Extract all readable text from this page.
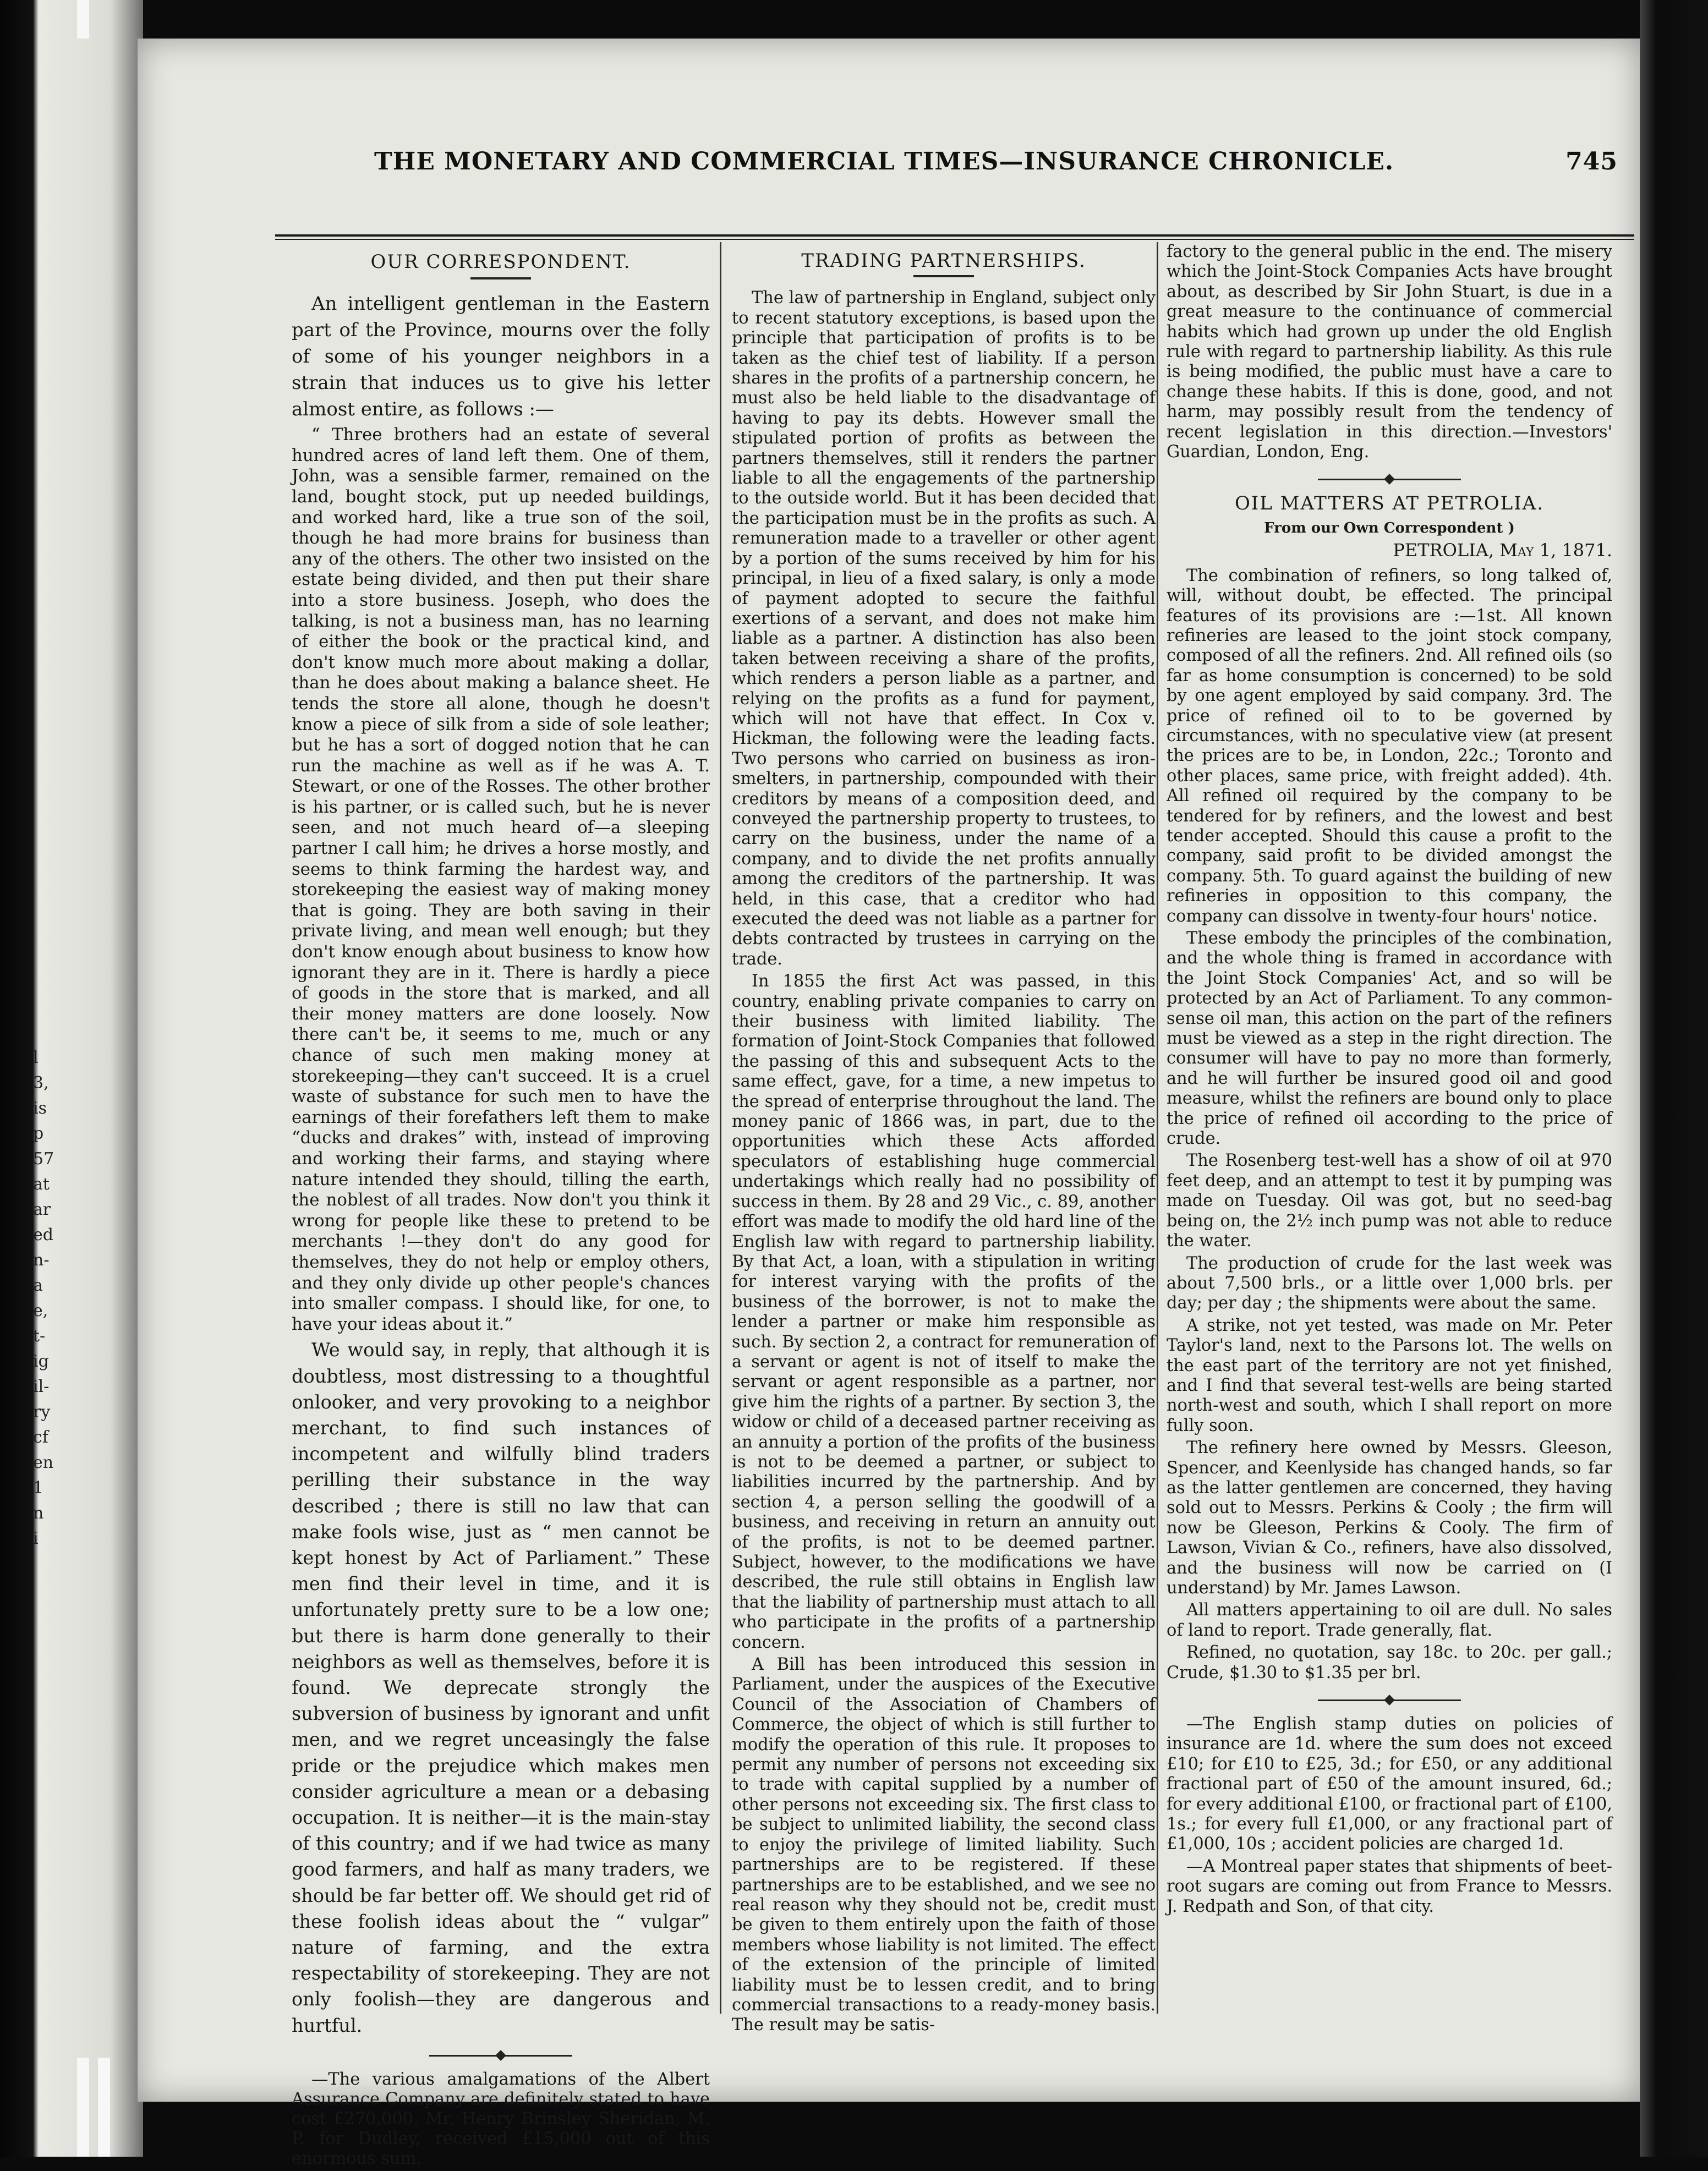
l
3,
is
p
57
at
ar
ed
n-
a
e,
t-
ig
il-
ry
cf
en
1
n
i
THE MONETARY AND COMMERCIAL TIMES—INSURANCE CHRONICLE.	745
OUR CORRESPONDENT.

An intelligent gentleman in the Eastern part of the Province, mourns over the folly of some of his younger neighbors in a strain that induces us to give his letter almost entire, as follows :—

“ Three brothers had an estate of several hundred acres of land left them. One of them, John, was a sensible farmer, remained on the land, bought stock, put up needed buildings, and worked hard, like a true son of the soil, though he had more brains for business than any of the others. The other two insisted on the estate being divided, and then put their share into a store business. Joseph, who does the talking, is not a business man, has no learning of either the book or the practical kind, and don't know much more about making a dollar, than he does about making a balance sheet. He tends the store all alone, though he doesn't know a piece of silk from a side of sole leather; but he has a sort of dogged notion that he can run the machine as well as if he was A. T. Stewart, or one of the Rosses. The other brother is his partner, or is called such, but he is never seen, and not much heard of—a sleeping partner I call him; he drives a horse mostly, and seems to think farming the hardest way, and storekeeping the easiest way of making money that is going. They are both saving in their private living, and mean well enough; but they don't know enough about business to know how ignorant they are in it. There is hardly a piece of goods in the store that is marked, and all their money matters are done loosely. Now there can't be, it seems to me, much or any chance of such men making money at storekeeping—they can't succeed. It is a cruel waste of substance for such men to have the earnings of their forefathers left them to make “ducks and drakes” with, instead of improving and working their farms, and staying where nature intended they should, tilling the earth, the noblest of all trades. Now don't you think it wrong for people like these to pretend to be merchants !—they don't do any good for themselves, they do not help or employ others, and they only divide up other people's chances into smaller compass. I should like, for one, to have your ideas about it.”

We would say, in reply, that although it is doubtless, most distressing to a thoughtful onlooker, and very provoking to a neighbor merchant, to find such instances of incompetent and wilfully blind traders perilling their substance in the way described ; there is still no law that can make fools wise, just as “ men cannot be kept honest by Act of Parliament.” These men find their level in time, and it is unfortunately pretty sure to be a low one; but there is harm done generally to their neighbors as well as themselves, before it is found. We deprecate strongly the subversion of business by ignorant and unfit men, and we regret unceasingly the false pride or the prejudice which makes men consider agriculture a mean or a debasing occupation. It is neither—it is the main-stay of this country; and if we had twice as many good farmers, and half as many traders, we should be far better off. We should get rid of these foolish ideas about the “ vulgar” nature of farming, and the extra respectability of storekeeping. They are not only foolish—they are dangerous and hurtful.

—The various amalgamations of the Albert Assurance Company are definitely stated to have cost £270,000. Mr. Henry Brinsley Sheridan, M. P. for Dudley, received £15,000 out of this enormous sum.

TRADING PARTNERSHIPS.

The law of partnership in England, subject only to recent statutory exceptions, is based upon the principle that participation of profits is to be taken as the chief test of liability. If a person shares in the profits of a partnership concern, he must also be held liable to the disadvantage of having to pay its debts. However small the stipulated portion of profits as between the partners themselves, still it renders the partner liable to all the engagements of the partnership to the outside world. But it has been decided that the participation must be in the profits as such. A remuneration made to a traveller or other agent by a portion of the sums received by him for his principal, in lieu of a fixed salary, is only a mode of payment adopted to secure the faithful exertions of a servant, and does not make him liable as a partner. A distinction has also been taken between receiving a share of the profits, which renders a person liable as a partner, and relying on the profits as a fund for payment, which will not have that effect. In Cox v. Hickman, the following were the leading facts. Two persons who carried on business as iron-smelters, in partnership, compounded with their creditors by means of a composition deed, and conveyed the partnership property to trustees, to carry on the business, under the name of a company, and to divide the net profits annually among the creditors of the partnership. It was held, in this case, that a creditor who had executed the deed was not liable as a partner for debts contracted by trustees in carrying on the trade.

In 1855 the first Act was passed, in this country, enabling private companies to carry on their business with limited liability. The formation of Joint-Stock Companies that followed the passing of this and subsequent Acts to the same effect, gave, for a time, a new impetus to the spread of enterprise throughout the land. The money panic of 1866 was, in part, due to the opportunities which these Acts afforded speculators of establishing huge commercial undertakings which really had no possibility of success in them. By 28 and 29 Vic., c. 89, another effort was made to modify the old hard line of the English law with regard to partnership liability. By that Act, a loan, with a stipulation in writing for interest varying with the profits of the business of the borrower, is not to make the lender a partner or make him responsible as such. By section 2, a contract for remuneration of a servant or agent is not of itself to make the servant or agent responsible as a partner, nor give him the rights of a partner. By section 3, the widow or child of a deceased partner receiving as an annuity a portion of the profits of the business is not to be deemed a partner, or subject to liabilities incurred by the partnership. And by section 4, a person selling the goodwill of a business, and receiving in return an annuity out of the profits, is not to be deemed partner. Subject, however, to the modifications we have described, the rule still obtains in English law that the liability of partnership must attach to all who participate in the profits of a partnership concern.

A Bill has been introduced this session in Parliament, under the auspices of the Executive Council of the Association of Chambers of Commerce, the object of which is still further to modify the operation of this rule. It proposes to permit any number of persons not exceeding six to trade with capital supplied by a number of other persons not exceeding six. The first class to be subject to unlimited liability, the second class to enjoy the privilege of limited liability. Such partnerships are to be registered. If these partnerships are to be established, and we see no real reason why they should not be, credit must be given to them entirely upon the faith of those members whose liability is not limited. The effect of the extension of the principle of limited liability must be to lessen credit, and to bring commercial transactions to a ready-money basis. The result may be satis-

factory to the general public in the end. The misery which the Joint-Stock Companies Acts have brought about, as described by Sir John Stuart, is due in a great measure to the continuance of commercial habits which had grown up under the old English rule with regard to partnership liability. As this rule is being modified, the public must have a care to change these habits. If this is done, good, and not harm, may possibly result from the tendency of recent legislation in this direction.—Investors' Guardian, London, Eng.

OIL MATTERS AT PETROLIA.
From our Own Correspondent )
PETROLIA, May 1, 1871.

The combination of refiners, so long talked of, will, without doubt, be effected. The principal features of its provisions are :—1st. All known refineries are leased to the joint stock company, composed of all the refiners. 2nd. All refined oils (so far as home consumption is concerned) to be sold by one agent employed by said company. 3rd. The price of refined oil to to be governed by circumstances, with no speculative view (at present the prices are to be, in London, 22c.; Toronto and other places, same price, with freight added). 4th. All refined oil required by the company to be tendered for by refiners, and the lowest and best tender accepted. Should this cause a profit to the company, said profit to be divided amongst the company. 5th. To guard against the building of new refineries in opposition to this company, the company can dissolve in twenty-four hours' notice.

These embody the principles of the combination, and the whole thing is framed in accordance with the Joint Stock Companies' Act, and so will be protected by an Act of Parliament. To any common-sense oil man, this action on the part of the refiners must be viewed as a step in the right direction. The consumer will have to pay no more than formerly, and he will further be insured good oil and good measure, whilst the refiners are bound only to place the price of refined oil according to the price of crude.

The Rosenberg test-well has a show of oil at 970 feet deep, and an attempt to test it by pumping was made on Tuesday. Oil was got, but no seed-bag being on, the 2½ inch pump was not able to reduce the water.

The production of crude for the last week was about 7,500 brls., or a little over 1,000 brls. per day; per day ; the shipments were about the same.

A strike, not yet tested, was made on Mr. Peter Taylor's land, next to the Parsons lot. The wells on the east part of the territory are not yet finished, and I find that several test-wells are being started north-west and south, which I shall report on more fully soon.

The refinery here owned by Messrs. Gleeson, Spencer, and Keenlyside has changed hands, so far as the latter gentlemen are concerned, they having sold out to Messrs. Perkins & Cooly ; the firm will now be Gleeson, Perkins & Cooly. The firm of Lawson, Vivian & Co., refiners, have also dissolved, and the business will now be carried on (I understand) by Mr. James Lawson.

All matters appertaining to oil are dull. No sales of land to report. Trade generally, flat.

Refined, no quotation, say 18c. to 20c. per gall.; Crude, $1.30 to $1.35 per brl.

—The English stamp duties on policies of insurance are 1d. where the sum does not exceed £10; for £10 to £25, 3d.; for £50, or any additional fractional part of £50 of the amount insured, 6d.; for every additional £100, or fractional part of £100, 1s.; for every full £1,000, or any fractional part of £1,000, 10s ; accident policies are charged 1d.

—A Montreal paper states that shipments of beet-root sugars are coming out from France to Messrs. J. Redpath and Son, of that city.
